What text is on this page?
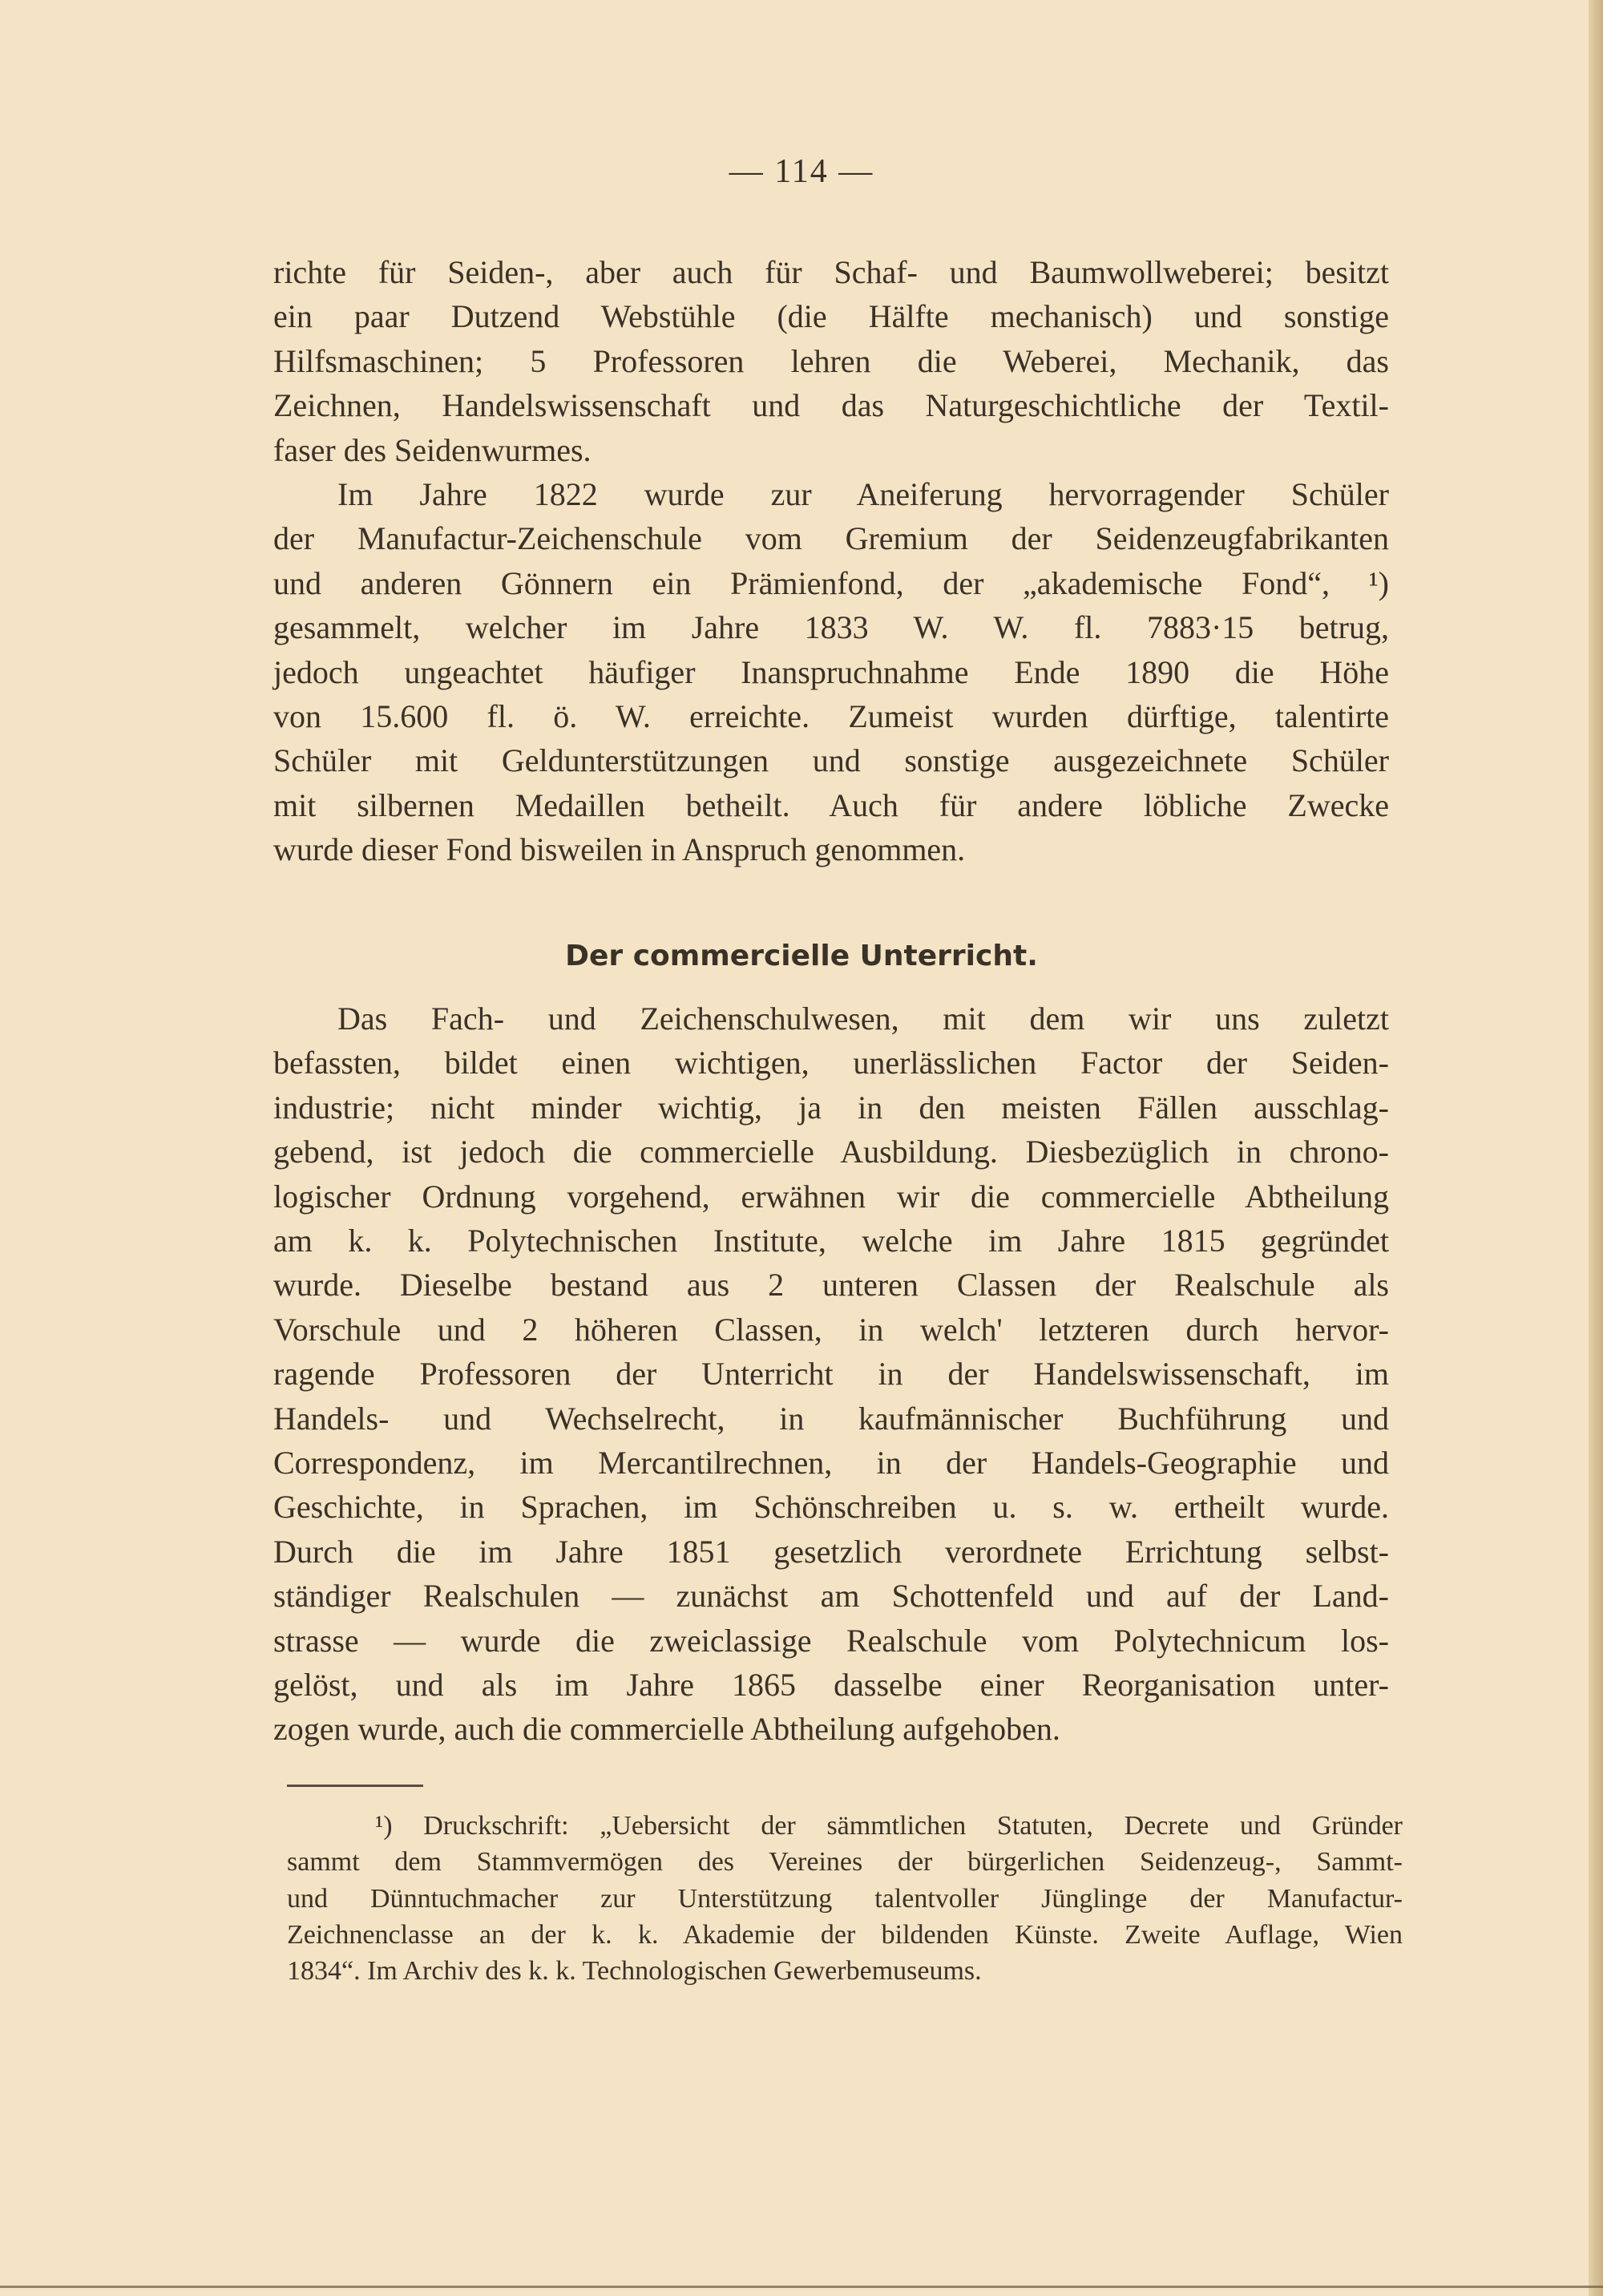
— 114 —
richte für Seiden-, aber auch für Schaf- und Baumwollweberei; besitzt
ein paar Dutzend Webstühle (die Hälfte mechanisch) und sonstige
Hilfsmaschinen; 5 Professoren lehren die Weberei, Mechanik, das
Zeichnen, Handelswissenschaft und das Naturgeschichtliche der Textil-
faser des Seidenwurmes.
Im Jahre 1822 wurde zur Aneiferung hervorragender Schüler
der Manufactur-Zeichenschule vom Gremium der Seidenzeugfabrikanten
und anderen Gönnern ein Prämienfond, der „akademische Fond“, ¹)
gesammelt, welcher im Jahre 1833 W. W. fl. 7883·15 betrug,
jedoch ungeachtet häufiger Inanspruchnahme Ende 1890 die Höhe
von 15.600 fl. ö. W. erreichte. Zumeist wurden dürftige, talentirte
Schüler mit Geldunterstützungen und sonstige ausgezeichnete Schüler
mit silbernen Medaillen betheilt. Auch für andere löbliche Zwecke
wurde dieser Fond bisweilen in Anspruch genommen.
Das Fach- und Zeichenschulwesen, mit dem wir uns zuletzt
befassten, bildet einen wichtigen, unerlässlichen Factor der Seiden-
industrie; nicht minder wichtig, ja in den meisten Fällen ausschlag-
gebend, ist jedoch die commercielle Ausbildung. Diesbezüglich in chrono-
logischer Ordnung vorgehend, erwähnen wir die commercielle Abtheilung
am k. k. Polytechnischen Institute, welche im Jahre 1815 gegründet
wurde. Dieselbe bestand aus 2 unteren Classen der Realschule als
Vorschule und 2 höheren Classen, in welch' letzteren durch hervor-
ragende Professoren der Unterricht in der Handelswissenschaft, im
Handels- und Wechselrecht, in kaufmännischer Buchführung und
Correspondenz, im Mercantilrechnen, in der Handels-Geographie und
Geschichte, in Sprachen, im Schönschreiben u. s. w. ertheilt wurde.
Durch die im Jahre 1851 gesetzlich verordnete Errichtung selbst-
ständiger Realschulen — zunächst am Schottenfeld und auf der Land-
strasse — wurde die zweiclassige Realschule vom Polytechnicum los-
gelöst, und als im Jahre 1865 dasselbe einer Reorganisation unter-
zogen wurde, auch die commercielle Abtheilung aufgehoben.
Der commercielle Unterricht.
¹) Druckschrift: „Uebersicht der sämmtlichen Statuten, Decrete und Gründer
sammt dem Stammvermögen des Vereines der bürgerlichen Seidenzeug-, Sammt-
und Dünntuchmacher zur Unterstützung talentvoller Jünglinge der Manufactur-
Zeichnenclasse an der k. k. Akademie der bildenden Künste. Zweite Auflage, Wien
1834“. Im Archiv des k. k. Technologischen Gewerbemuseums.
